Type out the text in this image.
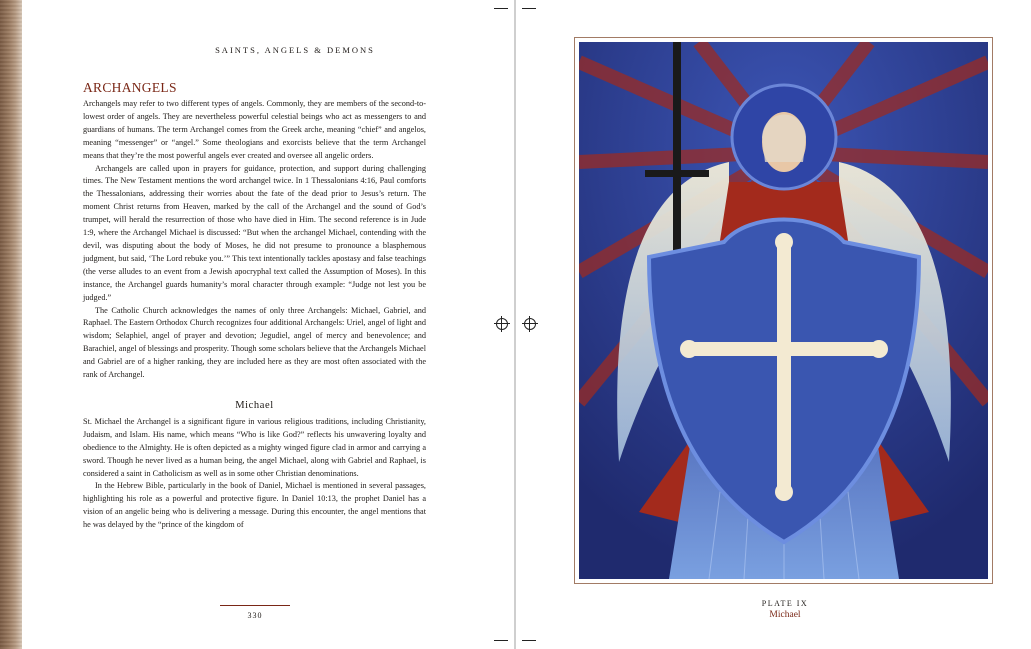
SAINTS, ANGELS & DEMONS
ARCHANGELS

Archangels may refer to two different types of angels. Commonly, they are members of the second-to-lowest order of angels. They are nevertheless powerful celestial beings who act as messengers to and guardians of humans. The term Archangel comes from the Greek arche, meaning “chief” and angelos, meaning “messenger” or “angel.” Some theologians and exorcists believe that the term Archangel means that they’re the most powerful angels ever created and oversee all angelic orders.

Archangels are called upon in prayers for guidance, protection, and support during challenging times. The New Testament mentions the word archangel twice. In 1 Thessalonians 4:16, Paul comforts the Thessalonians, addressing their worries about the fate of the dead prior to Jesus’s return. The moment Christ returns from Heaven, marked by the call of the Archangel and the sound of God’s trumpet, will herald the resurrection of those who have died in Him. The second reference is in Jude 1:9, where the Archangel Michael is discussed: “But when the archangel Michael, contending with the devil, was disputing about the body of Moses, he did not presume to pronounce a blasphemous judgment, but said, ‘The Lord rebuke you.’” This text intentionally tackles apostasy and false teachings (the verse alludes to an event from a Jewish apocryphal text called the Assumption of Moses). In this instance, the Archangel guards humanity’s moral character through example: “Judge not lest you be judged.”

The Catholic Church acknowledges the names of only three Archangels: Michael, Gabriel, and Raphael. The Eastern Orthodox Church recognizes four additional Archangels: Uriel, angel of light and wisdom; Selaphiel, angel of prayer and devotion; Jegudiel, angel of mercy and benevolence; and Barachiel, angel of blessings and prosperity. Though some scholars believe that the Archangels Michael and Gabriel are of a higher ranking, they are included here as they are most often associated with the rank of Archangel.

Michael

St. Michael the Archangel is a significant figure in various religious traditions, including Christianity, Judaism, and Islam. His name, which means “Who is like God?” reflects his unwavering loyalty and obedience to the Almighty. He is often depicted as a mighty winged figure clad in armor and carrying a sword. Though he never lived as a human being, the angel Michael, along with Gabriel and Raphael, is considered a saint in Catholicism as well as in some other Christian denominations.

In the Hebrew Bible, particularly in the book of Daniel, Michael is mentioned in several passages, highlighting his role as a powerful and protective figure. In Daniel 10:13, the prophet Daniel has a vision of an angelic being who is delivering a message. During this encounter, the angel mentions that he was delayed by the “prince of the kingdom of

330
PLATE IX
Michael
